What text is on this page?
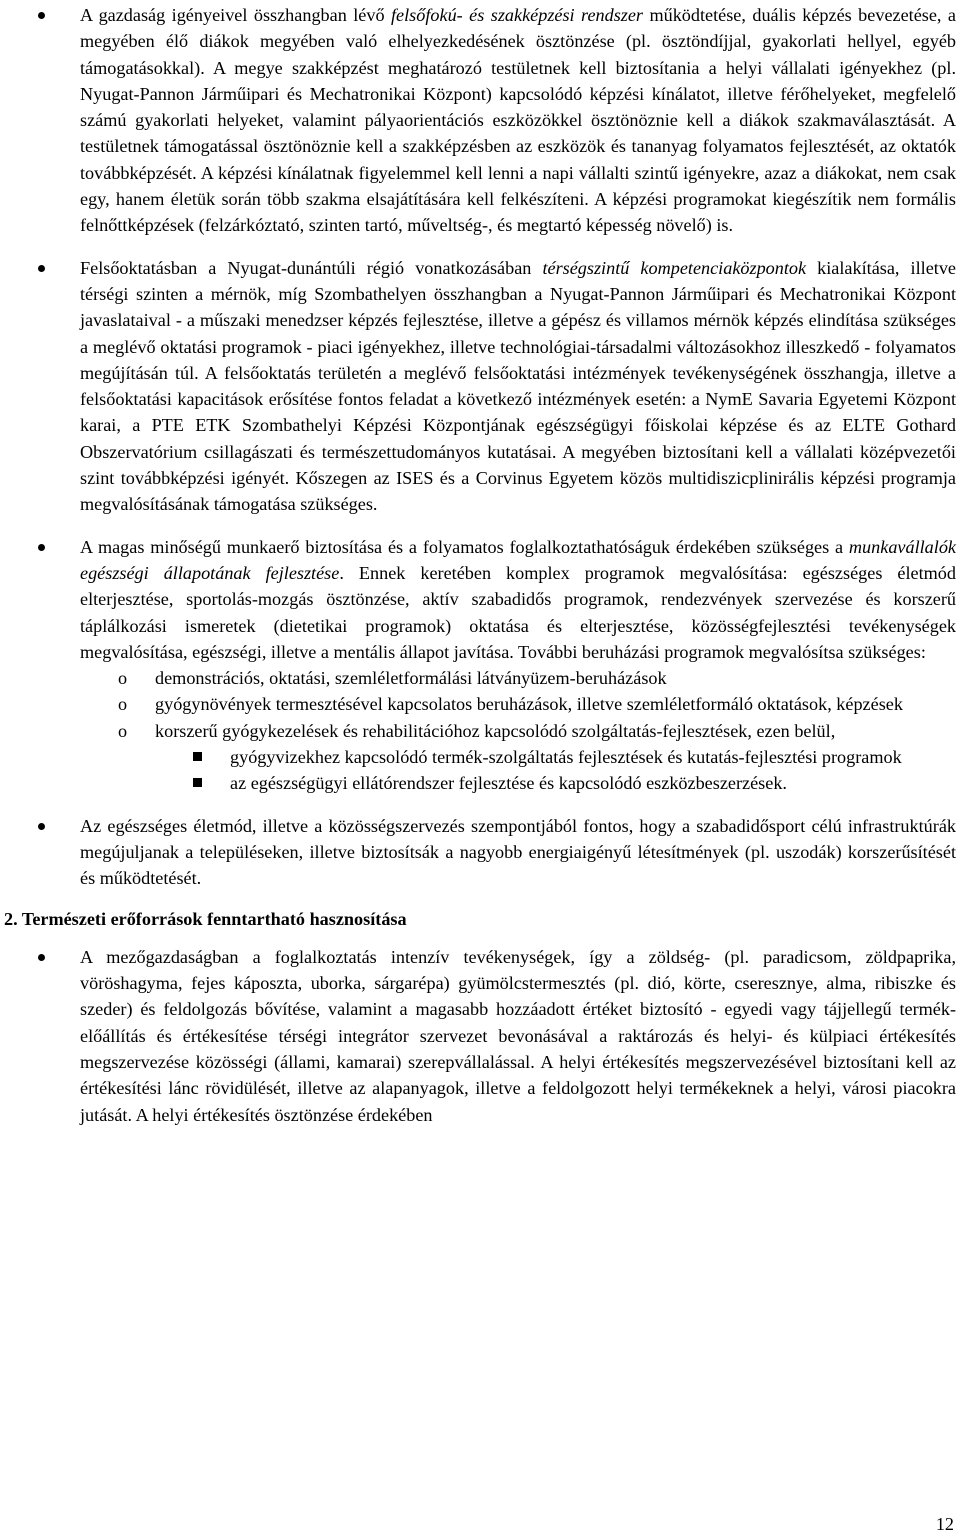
A gazdaság igényeivel összhangban lévő felsőfokú- és szakképzési rendszer működtetése, duális képzés bevezetése, a megyében élő diákok megyében való elhelyezkedésének ösztönzése (pl. ösztöndíjjal, gyakorlati hellyel, egyéb támogatásokkal). A megye szakképzést meghatározó testületnek kell biztosítania a helyi vállalati igényekhez (pl. Nyugat-Pannon Járműipari és Mechatronikai Központ) kapcsolódó képzési kínálatot, illetve férőhelyeket, megfelelő számú gyakorlati helyeket, valamint pályaorientációs eszközökkel ösztönöznie kell a diákok szakmaválasztását. A testületnek támogatással ösztönöznie kell a szakképzésben az eszközök és tananyag folyamatos fejlesztését, az oktatók továbbképzését. A képzési kínálatnak figyelemmel kell lenni a napi vállalti szintű igényekre, azaz a diákokat, nem csak egy, hanem életük során több szakma elsajátítására kell felkészíteni. A képzési programokat kiegészítik nem formális felnőttképzések (felzárkóztató, szinten tartó, műveltség-, és megtartó képesség növelő) is.
Felsőoktatásban a Nyugat-dunántúli régió vonatkozásában térségszintű kompetenciaközpontok kialakítása, illetve térségi szinten a mérnök, míg Szombathelyen összhangban a Nyugat-Pannon Járműipari és Mechatronikai Központ javaslataival - a műszaki menedzser képzés fejlesztése, illetve a gépész és villamos mérnök képzés elindítása szükséges a meglévő oktatási programok - piaci igényekhez, illetve technológiai-társadalmi változásokhoz illeszkedő - folyamatos megújításán túl. A felsőoktatás területén a meglévő felsőoktatási intézmények tevékenységének összhangja, illetve a felsőoktatási kapacitások erősítése fontos feladat a következő intézmények esetén: a NymE Savaria Egyetemi Központ karai, a PTE ETK Szombathelyi Képzési Központjának egészségügyi főiskolai képzése és az ELTE Gothard Obszervatórium csillagászati és természettudományos kutatásai. A megyében biztosítani kell a vállalati középvezetői szint továbbképzési igényét. Kőszegen az ISES és a Corvinus Egyetem közös multidiszicplinirális képzési programja megvalósításának támogatása szükséges.
A magas minőségű munkaerő biztosítása és a folyamatos foglalkoztathatóságuk érdekében szükséges a munkavállalók egészségi állapotának fejlesztése. Ennek keretében komplex programok megvalósítása: egészséges életmód elterjesztése, sportolás-mozgás ösztönzése, aktív szabadidős programok, rendezvények szervezése és korszerű táplálkozási ismeretek (dietetikai programok) oktatása és elterjesztése, közösségfejlesztési tevékenységek megvalósítása, egészségi, illetve a mentális állapot javítása. További beruházási programok megvalósítsa szükséges:
o demonstrációs, oktatási, szemléletformálási látványüzem-beruházások
o gyógynövények termesztésével kapcsolatos beruházások, illetve szemléletformáló oktatások, képzések
o korszerű gyógykezelések és rehabilitációhoz kapcsolódó szolgáltatás-fejlesztések, ezen belül,
gyógyvizekhez kapcsolódó termék-szolgáltatás fejlesztések és kutatás-fejlesztési programok
az egészségügyi ellátórendszer fejlesztése és kapcsolódó eszközbeszerzések.
Az egészséges életmód, illetve a közösségszervezés szempontjából fontos, hogy a szabadidősport célú infrastruktúrák megújuljanak a településeken, illetve biztosítsák a nagyobb energiaigényű létesítmények (pl. uszodák) korszerűsítését és működtetését.
2. Természeti erőforrások fenntartható hasznosítása
A mezőgazdaságban a foglalkoztatás intenzív tevékenységek, így a zöldség- (pl. paradicsom, zöldpaprika, vöröshagyma, fejes káposzta, uborka, sárgarépa) gyümölcstermesztés (pl. dió, körte, cseresznye, alma, ribiszke és szeder) és feldolgozás bővítése, valamint a magasabb hozzáadott értéket biztosító - egyedi vagy tájjellegű termék-előállítás és értékesítése térségi integrátor szervezet bevonásával a raktározás és helyi- és külpiaci értékesítés megszervezése közösségi (állami, kamarai) szerepvállalással. A helyi értékesítés megszervezésével biztosítani kell az értékesítési lánc rövidülését, illetve az alapanyagok, illetve a feldolgozott helyi termékeknek a helyi, városi piacokra jutását. A helyi értékesítés ösztönzése érdekében
12
